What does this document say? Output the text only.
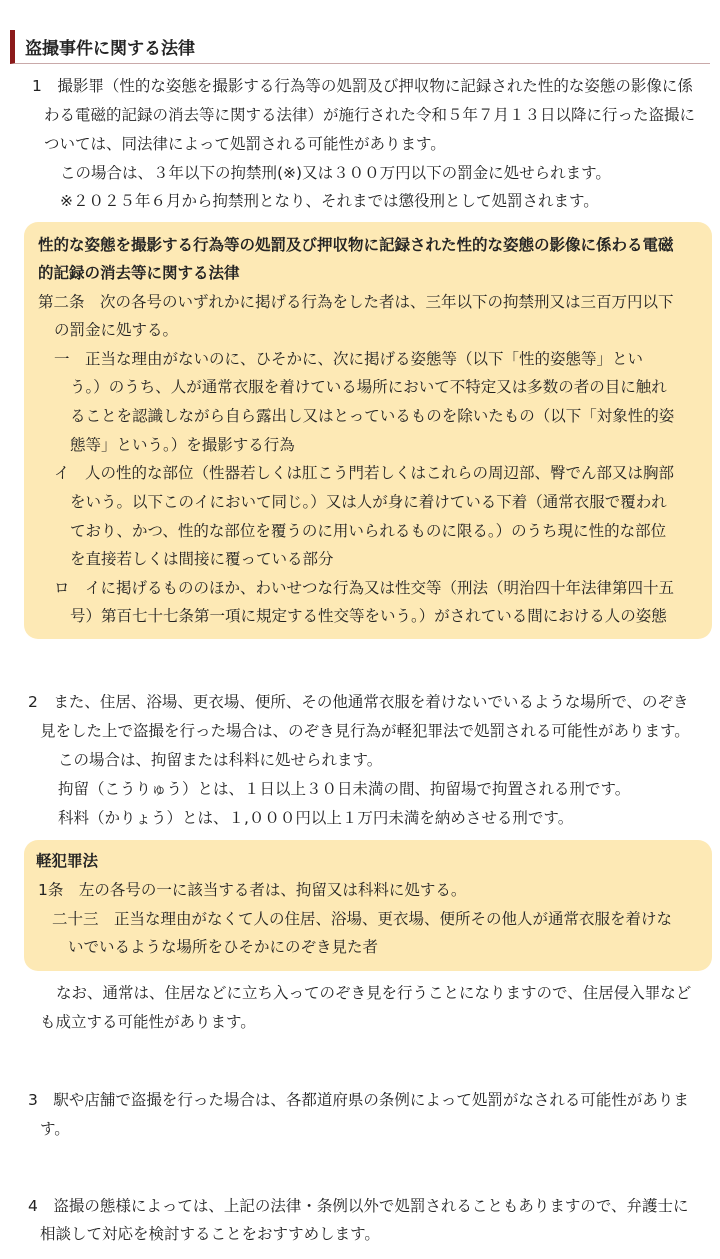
盗撮事件に関する法律
1　撮影罪（性的な姿態を撮影する行為等の処罰及び押収物に記録された性的な姿態の影像に係
わる電磁的記録の消去等に関する法律）が施行された令和５年７月１３日以降に行った盗撮に
ついては、同法律によって処罰される可能性があります。
この場合は、３年以下の拘禁刑(※)又は３００万円以下の罰金に処せられます。
※２０２５年６月から拘禁刑となり、それまでは懲役刑として処罰されます。
性的な姿態を撮影する行為等の処罰及び押収物に記録された性的な姿態の影像に係わる電磁
的記録の消去等に関する法律
第二条　次の各号のいずれかに掲げる行為をした者は、三年以下の拘禁刑又は三百万円以下
の罰金に処する。
一　正当な理由がないのに、ひそかに、次に掲げる姿態等（以下「性的姿態等」とい
う。）のうち、人が通常衣服を着けている場所において不特定又は多数の者の目に触れ
ることを認識しながら自ら露出し又はとっているものを除いたもの（以下「対象性的姿
態等」という。）を撮影する行為
イ　人の性的な部位（性器若しくは肛こう門若しくはこれらの周辺部、臀でん部又は胸部
をいう。以下このイにおいて同じ。）又は人が身に着けている下着（通常衣服で覆われ
ており、かつ、性的な部位を覆うのに用いられるものに限る。）のうち現に性的な部位
を直接若しくは間接に覆っている部分
ロ　イに掲げるもののほか、わいせつな行為又は性交等（刑法（明治四十年法律第四十五
号）第百七十七条第一項に規定する性交等をいう。）がされている間における人の姿態
2　また、住居、浴場、更衣場、便所、その他通常衣服を着けないでいるような場所で、のぞき
見をした上で盗撮を行った場合は、のぞき見行為が軽犯罪法で処罰される可能性があります。
この場合は、拘留または科料に処せられます。
拘留（こうりゅう）とは、１日以上３０日未満の間、拘留場で拘置される刑です。
科料（かりょう）とは、１,０００円以上１万円未満を納めさせる刑です。
軽犯罪法
1条　左の各号の一に該当する者は、拘留又は科料に処する。
二十三　正当な理由がなくて人の住居、浴場、更衣場、便所その他人が通常衣服を着けな
いでいるような場所をひそかにのぞき見た者
なお、通常は、住居などに立ち入ってのぞき見を行うことになりますので、住居侵入罪など
も成立する可能性があります。
3　駅や店舗で盗撮を行った場合は、各都道府県の条例によって処罰がなされる可能性がありま
す。
4　盗撮の態様によっては、上記の法律・条例以外で処罰されることもありますので、弁護士に
相談して対応を検討することをおすすめします。
